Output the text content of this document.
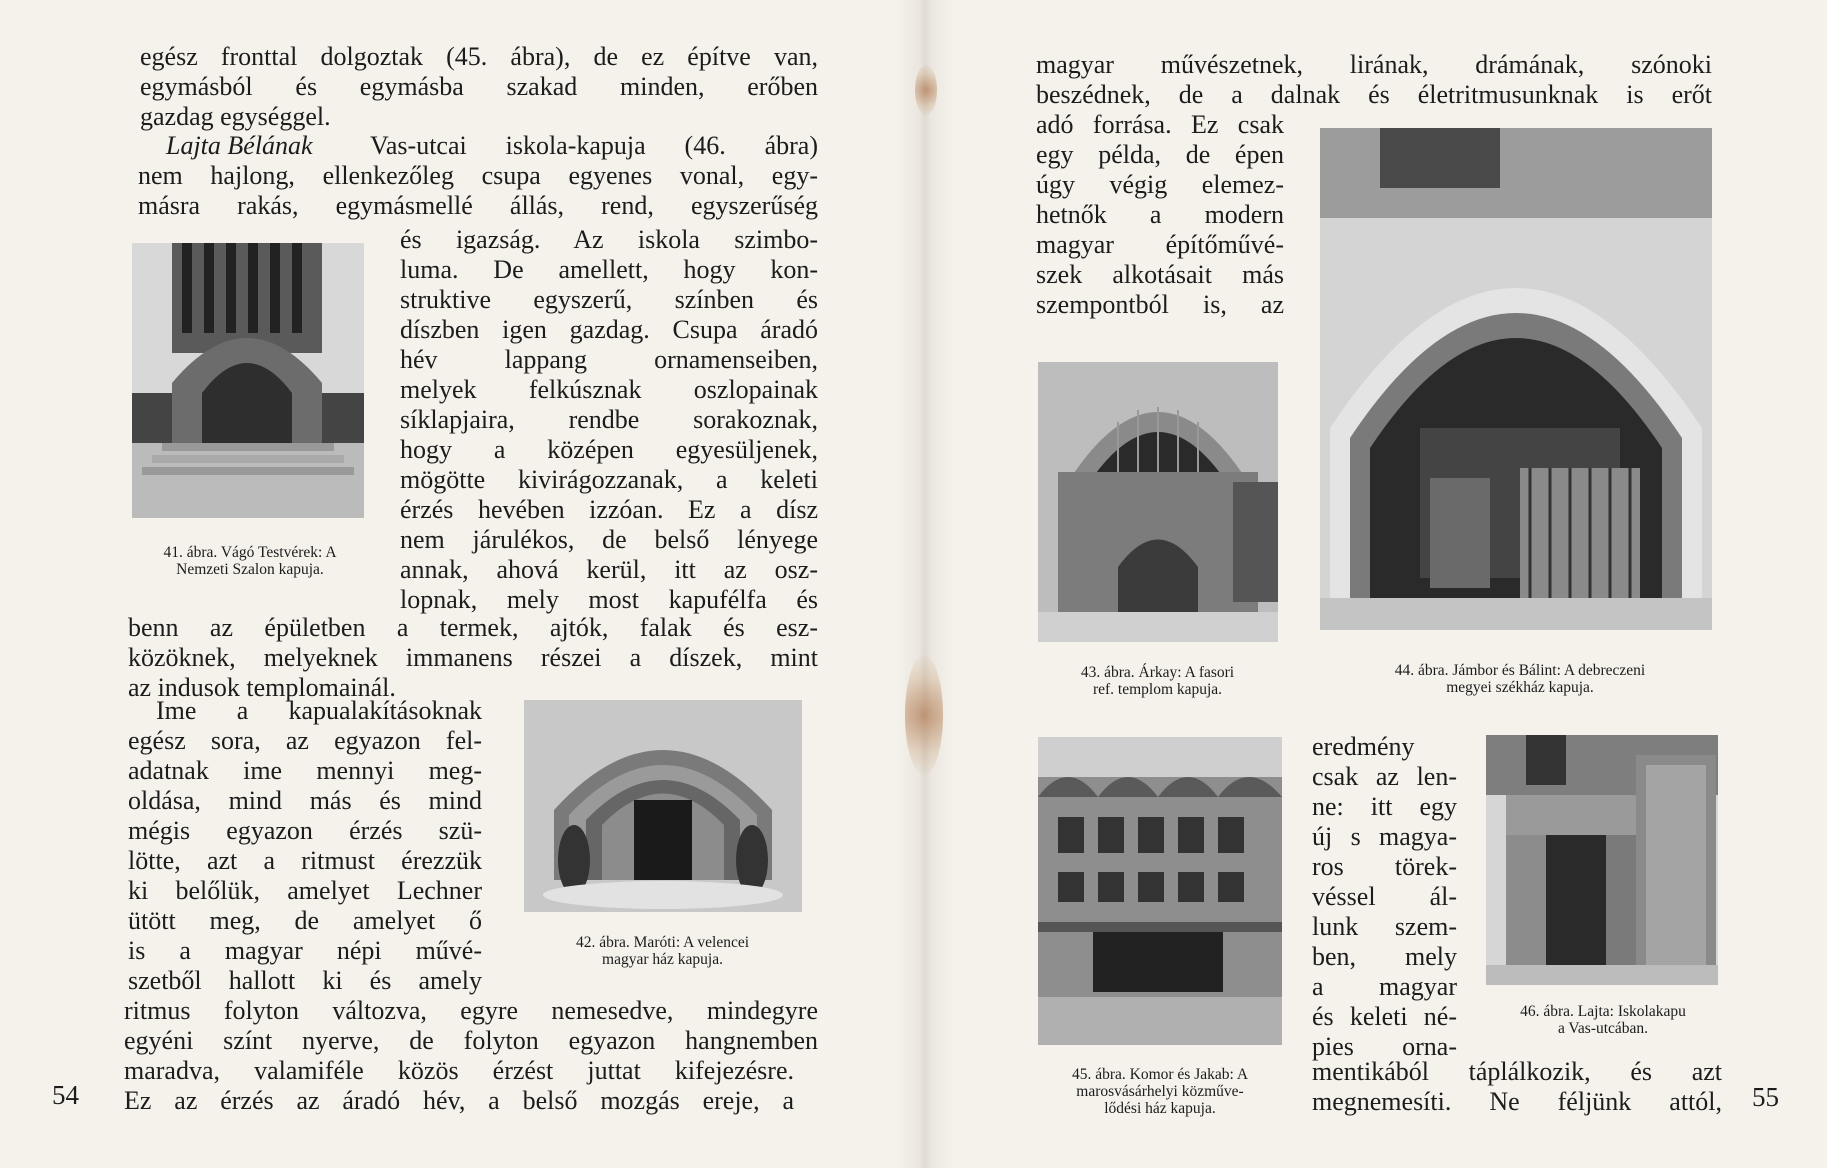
egész fronttal dolgoztak (45. ábra), de ez építve van,
egymásból és egymásba szakad minden, erőben
gazdag egységgel.
Lajta Bélának Vas-utcai iskola-kapuja (46. ábra)
nem hajlong, ellenkezőleg csupa egyenes vonal, egy-
másra rakás, egymásmellé állás, rend, egyszerűség
és igazság. Az iskola szimbo-
luma. De amellett, hogy kon-
struktive egyszerű, színben és
díszben igen gazdag. Csupa áradó
hév lappang ornamenseiben,
melyek felkúsznak oszlopainak
síklapjaira, rendbe sorakoznak,
hogy a középen egyesüljenek,
mögötte kivirágozzanak, a keleti
érzés hevében izzóan. Ez a dísz
nem járulékos, de belső lényege
annak, ahová kerül, itt az osz-
lopnak, mely most kapufélfa és
benn az épületben a termek, ajtók, falak és esz-
közöknek, melyeknek immanens részei a díszek, mint
az indusok templomainál.
Ime a kapualakításoknak
egész sora, az egyazon fel-
adatnak ime mennyi meg-
oldása, mind más és mind
mégis egyazon érzés szü-
lötte, azt a ritmust érezzük
ki belőlük, amelyet Lechner
ütött meg, de amelyet ő
is a magyar népi művé-
szetből hallott ki és amely
ritmus folyton változva, egyre nemesedve, mindegyre
egyéni színt nyerve, de folyton egyazon hangnemben
maradva, valamiféle közös érzést juttat kifejezésre.
Ez az érzés az áradó hév, a belső mozgás ereje, a
54
41. ábra. Vágó Testvérek: A
Nemzeti Szalon kapuja.
42. ábra. Maróti: A velencei
magyar ház kapuja.
magyar művészetnek, lirának, drámának, szónoki
beszédnek, de a dalnak és életritmusunknak is erőt
adó forrása. Ez csak
egy példa, de épen
úgy végig elemez-
hetnők a modern
magyar építőművé-
szek alkotásait más
szempontból is, az
eredmény
csak az len-
ne: itt egy
új s magya-
ros törek-
véssel ál-
lunk szem-
ben, mely
a magyar
és keleti né-
pies orna-
mentikából táplálkozik, és azt
megnemesíti. Ne féljünk attól, 55
43. ábra. Árkay: A fasori
ref. templom kapuja.
44. ábra. Jámbor és Bálint: A debreczeni
megyei székház kapuja.
45. ábra. Komor és Jakab: A
marosvásárhelyi közműve-
lődési ház kapuja.
46. ábra. Lajta: Iskolakapu
a Vas-utcában.
